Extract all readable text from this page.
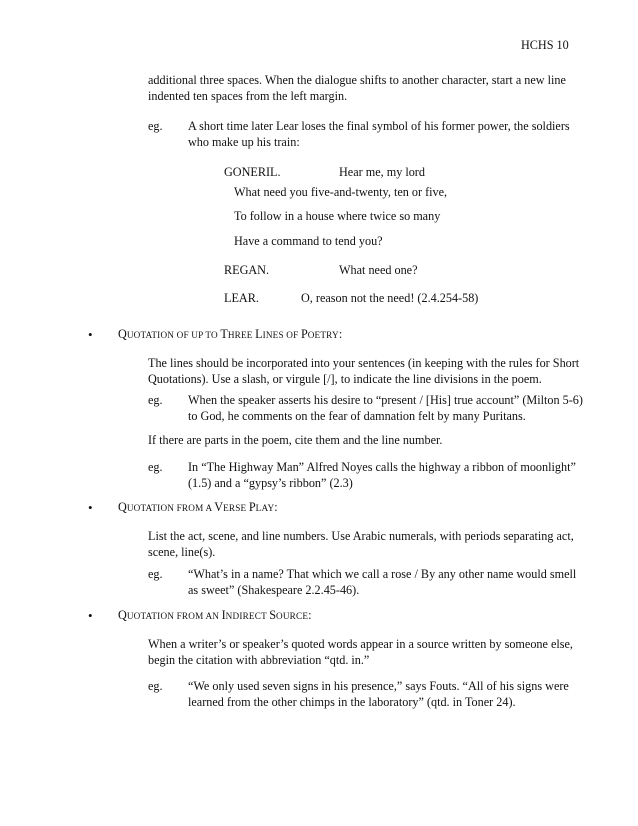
HCHS 10
additional three spaces. When the dialogue shifts to another character, start a new line
indented ten spaces from the left margin.
eg. A short time later Lear loses the final symbol of his former power, the soldiers
who make up his train:
GONERIL.	Hear me, my lord
What need you five-and-twenty, ten or five,
To follow in a house where twice so many
Have a command to tend you?
REGAN.	What need one?
LEAR.	O, reason not the need! (2.4.254-58)
• QUOTATION OF UP TO THREE LINES OF POETRY:
The lines should be incorporated into your sentences (in keeping with the rules for Short
Quotations). Use a slash, or virgule [/], to indicate the line divisions in the poem.
eg. When the speaker asserts his desire to “present / [His] true account” (Milton 5-6)
to God, he comments on the fear of damnation felt by many Puritans.
If there are parts in the poem, cite them and the line number.
eg. In “The Highway Man” Alfred Noyes calls the highway a ribbon of moonlight”
(1.5) and a “gypsy’s ribbon” (2.3)
• QUOTATION FROM A VERSE PLAY:
List the act, scene, and line numbers. Use Arabic numerals, with periods separating act,
scene, line(s).
eg. “What’s in a name? That which we call a rose / By any other name would smell
as sweet” (Shakespeare 2.2.45-46).
• QUOTATION FROM AN INDIRECT SOURCE:
When a writer’s or speaker’s quoted words appear in a source written by someone else,
begin the citation with abbreviation “qtd. in.”
eg. “We only used seven signs in his presence,” says Fouts. “All of his signs were
learned from the other chimps in the laboratory” (qtd. in Toner 24).
